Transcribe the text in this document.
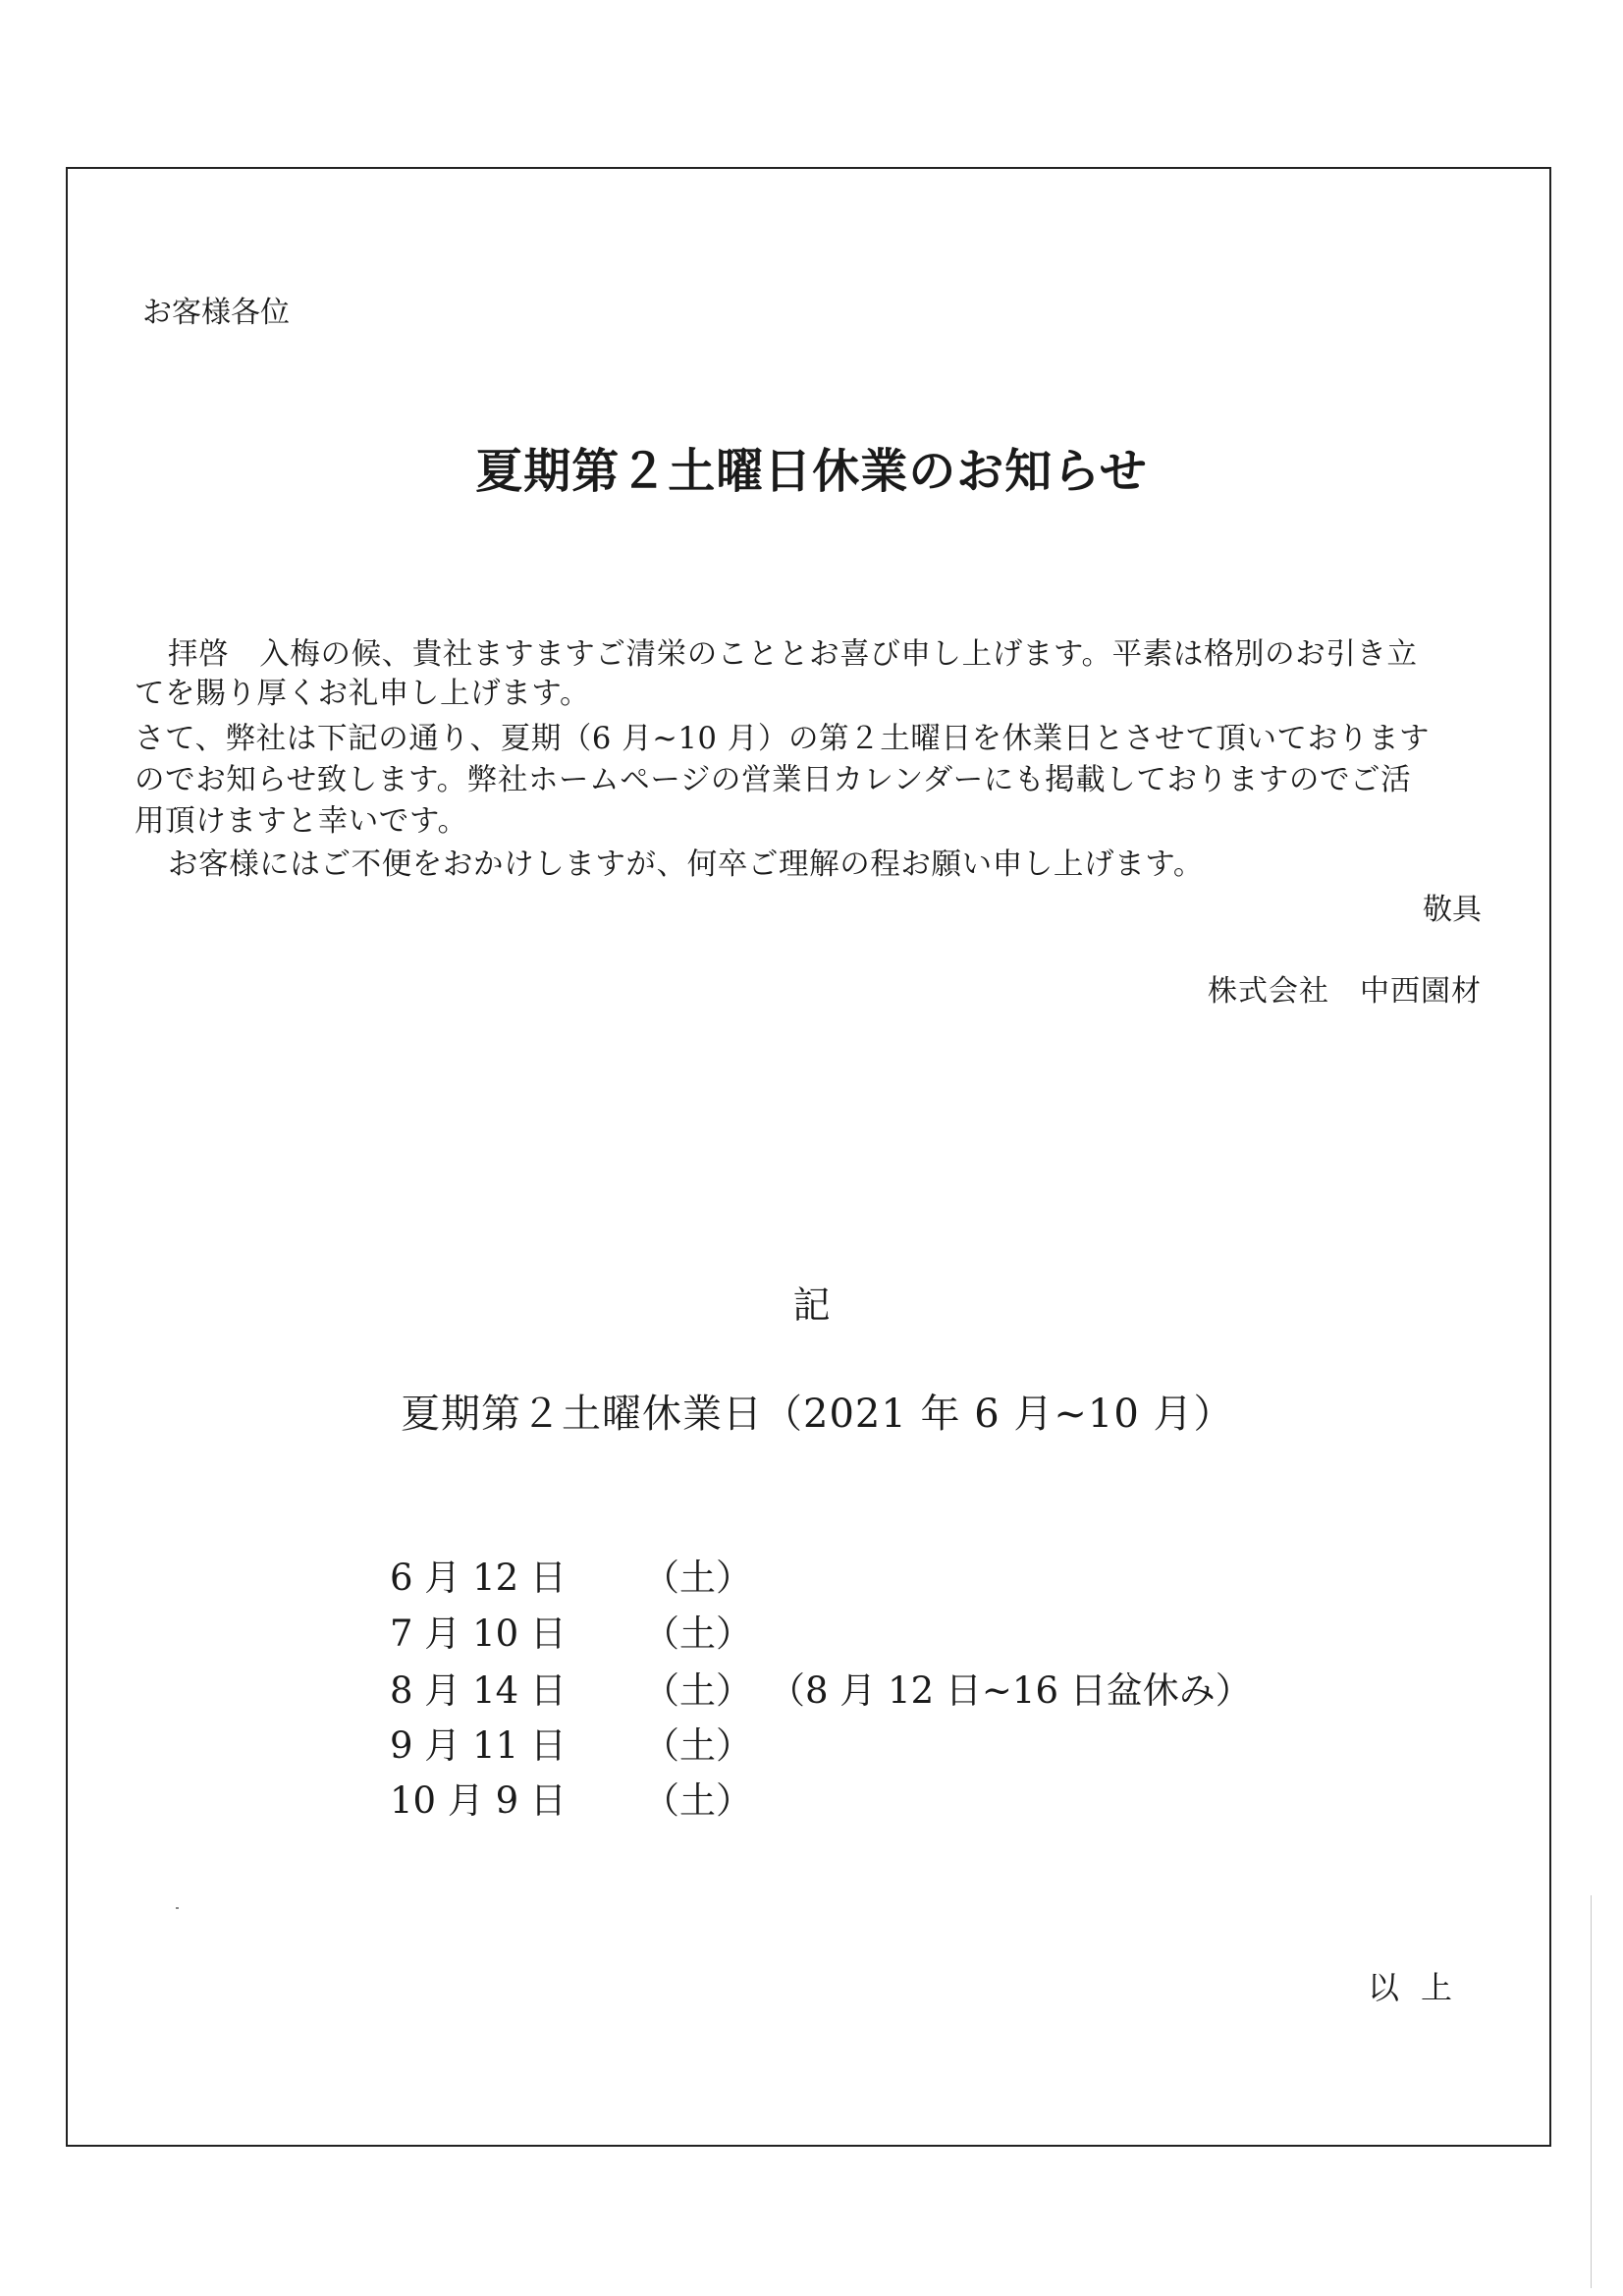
お客様各位
夏期第２土曜日休業のお知らせ
拝啓　入梅の候、貴社ますますご清栄のこととお喜び申し上げます。平素は格別のお引き立
てを賜り厚くお礼申し上げます。
さて、弊社は下記の通り、夏期（6 月~10 月）の第２土曜日を休業日とさせて頂いております
のでお知らせ致します。弊社ホームページの営業日カレンダーにも掲載しておりますのでご活
用頂けますと幸いです。
お客様にはご不便をおかけしますが、何卒ご理解の程お願い申し上げます。
敬具
株式会社　中西園材
記
夏期第２土曜休業日（2021 年 6 月~10 月）
6 月 12 日 （土）
7 月 10 日 （土）
8 月 14 日 （土） （8 月 12 日~16 日盆休み）
9 月 11 日 （土）
10 月 9 日 （土）
以上
